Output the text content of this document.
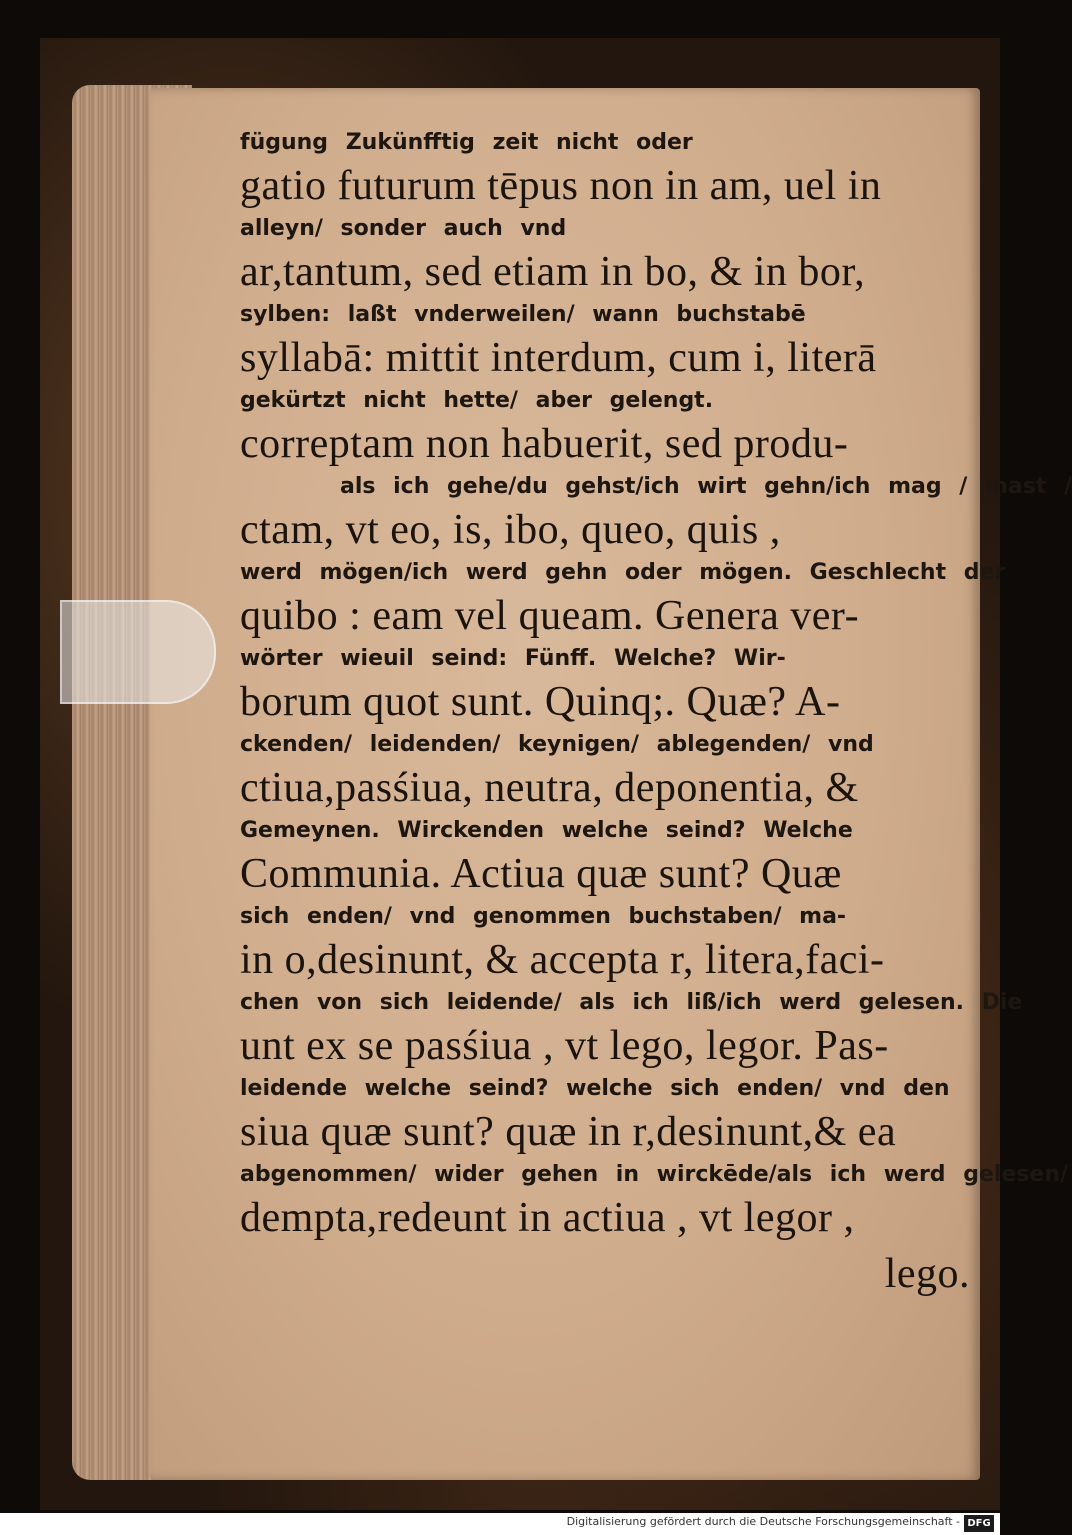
fügung Zukünfftig zeit nicht oder
gatio futurum tēpus non in am, uel in
alleyn/ sonder auch vnd
ar,tantum, sed etiam in bo, & in bor,
sylben: laßt vnderweilen/ wann buchstabē
syllabā: mittit interdum, cum i, literā
gekürtzt nicht hette/ aber gelengt.
correptam non habuerit, sed produ-
als ich gehe/du gehst/ich wirt gehn/ich mag / mast /
ctam, vt eo, is, ibo, queo, quis ,
werd mögen/ich werd gehn oder mögen. Geschlecht der
quibo : eam vel queam. Genera ver-
wörter wieuil seind: Fünff. Welche? Wir-
borum quot sunt. Quinq;. Quæ? A-
ckenden/ leidenden/ keynigen/ ablegenden/ vnd
ctiua,pasśiua, neutra, deponentia, &
Gemeynen. Wirckenden welche seind? Welche
Communia. Actiua quæ sunt? Quæ
sich enden/ vnd genommen buchstaben/ ma-
in o,desinunt, & accepta r, litera,faci-
chen von sich leidende/ als ich liß/ich werd gelesen. Die
unt ex se pasśiua , vt lego, legor. Pas-
leidende welche seind? welche sich enden/ vnd den
siua quæ sunt? quæ in r,desinunt,& ea
abgenommen/ wider gehen in wirckēde/als ich werd gelesen/
dempta,redeunt in actiua , vt legor ,
lego.
Digitalisierung gefördert durch die Deutsche Forschungsgemeinschaft - DFG
